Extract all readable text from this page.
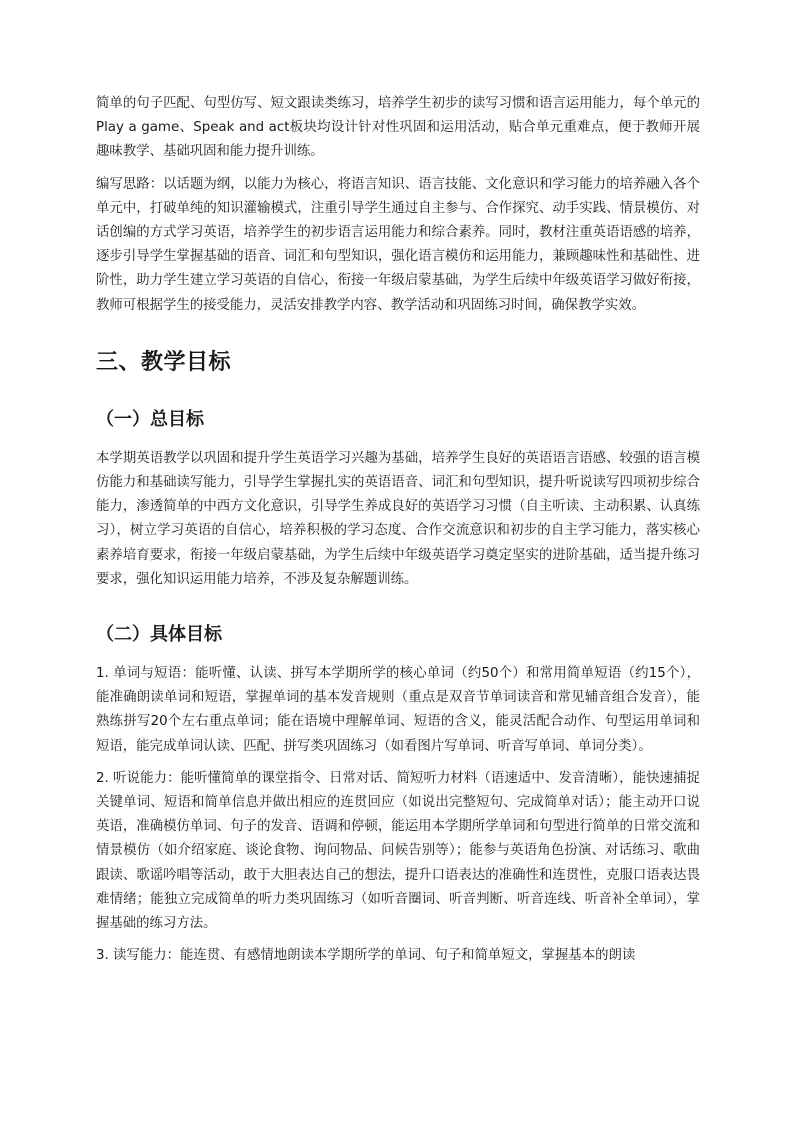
简单的句子匹配、句型仿写、短文跟读类练习，培养学生初步的读写习惯和语言运用能力，每个单元的Play a game、Speak and act板块均设计针对性巩固和运用活动，贴合单元重难点，便于教师开展趣味教学、基础巩固和能力提升训练。

编写思路：以话题为纲，以能力为核心，将语言知识、语言技能、文化意识和学习能力的培养融入各个单元中，打破单纯的知识灌输模式，注重引导学生通过自主参与、合作探究、动手实践、情景模仿、对话创编的方式学习英语，培养学生的初步语言运用能力和综合素养。同时，教材注重英语语感的培养，逐步引导学生掌握基础的语音、词汇和句型知识，强化语言模仿和运用能力，兼顾趣味性和基础性、进阶性，助力学生建立学习英语的自信心，衔接一年级启蒙基础，为学生后续中年级英语学习做好衔接，教师可根据学生的接受能力，灵活安排教学内容、教学活动和巩固练习时间，确保教学实效。

三、教学目标
（一）总目标

本学期英语教学以巩固和提升学生英语学习兴趣为基础，培养学生良好的英语语言语感、较强的语言模仿能力和基础读写能力，引导学生掌握扎实的英语语音、词汇和句型知识，提升听说读写四项初步综合能力，渗透简单的中西方文化意识，引导学生养成良好的英语学习习惯（自主听读、主动积累、认真练习），树立学习英语的自信心，培养积极的学习态度、合作交流意识和初步的自主学习能力，落实核心素养培育要求，衔接一年级启蒙基础，为学生后续中年级英语学习奠定坚实的进阶基础，适当提升练习要求，强化知识运用能力培养，不涉及复杂解题训练。

（二）具体目标

1. 单词与短语：能听懂、认读、拼写本学期所学的核心单词（约50个）和常用简单短语（约15个），能准确朗读单词和短语，掌握单词的基本发音规则（重点是双音节单词读音和常见辅音组合发音），能熟练拼写20个左右重点单词；能在语境中理解单词、短语的含义，能灵活配合动作、句型运用单词和短语，能完成单词认读、匹配、拼写类巩固练习（如看图片写单词、听音写单词、单词分类）。

2. 听说能力：能听懂简单的课堂指令、日常对话、简短听力材料（语速适中、发音清晰），能快速捕捉关键单词、短语和简单信息并做出相应的连贯回应（如说出完整短句、完成简单对话）；能主动开口说英语，准确模仿单词、句子的发音、语调和停顿，能运用本学期所学单词和句型进行简单的日常交流和情景模仿（如介绍家庭、谈论食物、询问物品、问候告别等）；能参与英语角色扮演、对话练习、歌曲跟读、歌谣吟唱等活动，敢于大胆表达自己的想法，提升口语表达的准确性和连贯性，克服口语表达畏难情绪；能独立完成简单的听力类巩固练习（如听音圈词、听音判断、听音连线、听音补全单词），掌握基础的练习方法。

3. 读写能力：能连贯、有感情地朗读本学期所学的单词、句子和简单短文，掌握基本的朗读
